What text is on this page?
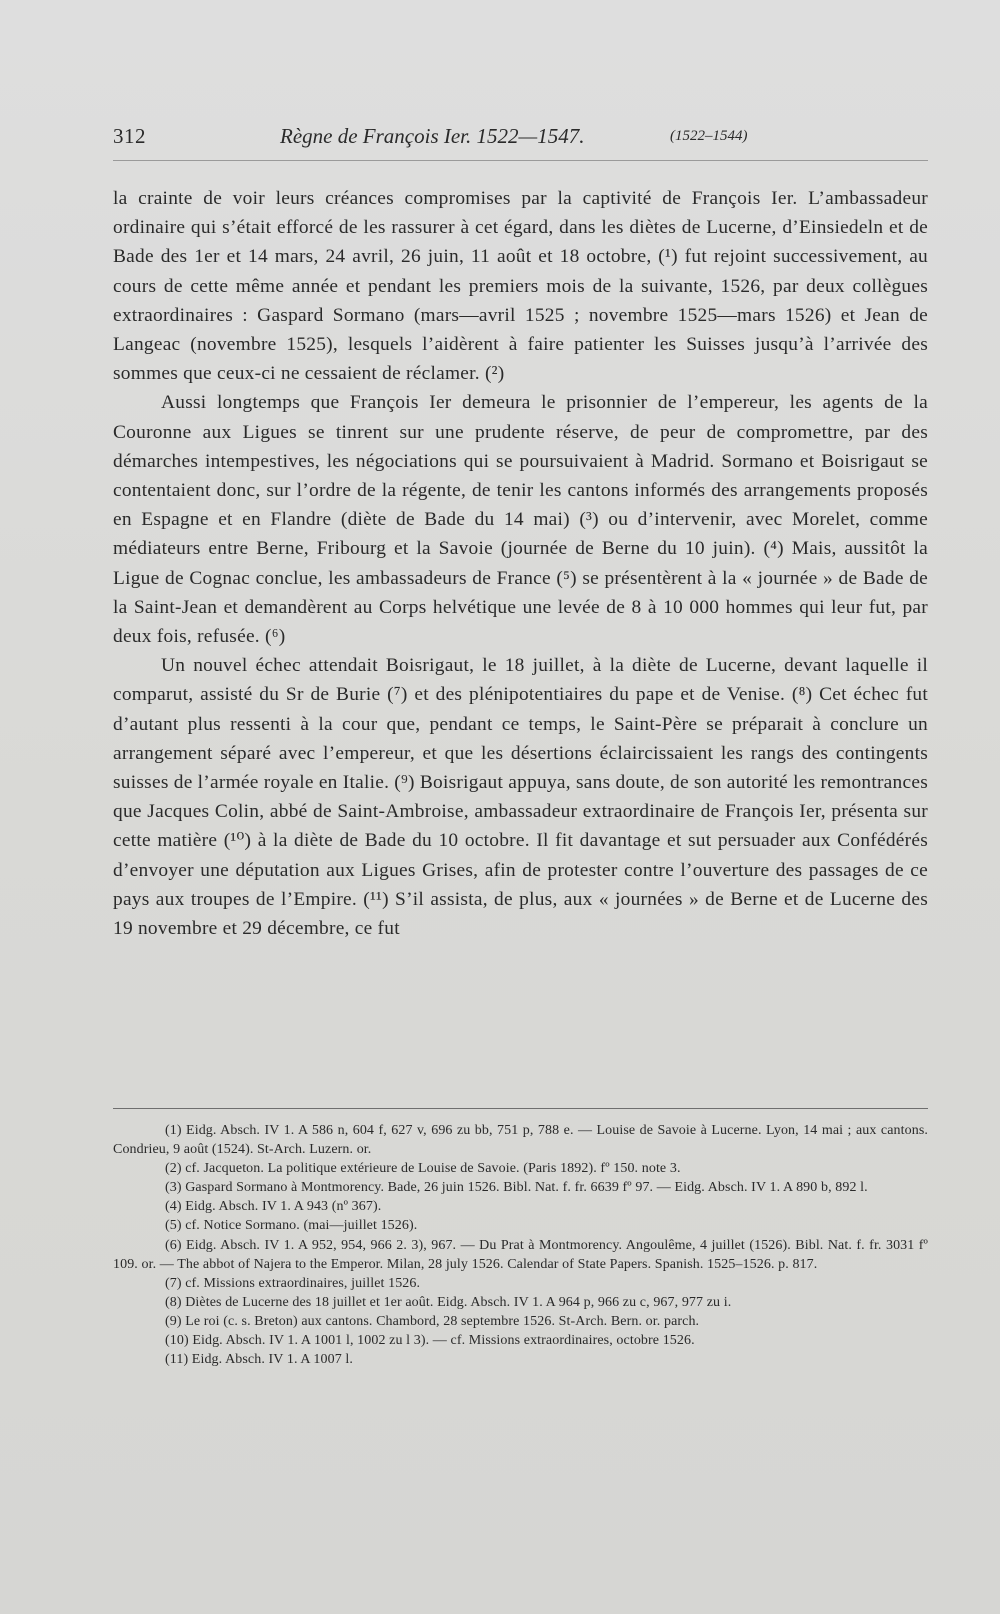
312	Règne de François Ier. 1522—1547.	(1522–1544)

la crainte de voir leurs créances compromises par la captivité de François Ier. L’ambassadeur ordinaire qui s’était efforcé de les rassurer à cet égard, dans les diètes de Lucerne, d’Einsiedeln et de Bade des 1er et 14 mars, 24 avril, 26 juin, 11 août et 18 octobre, (¹) fut rejoint successivement, au cours de cette même année et pendant les premiers mois de la suivante, 1526, par deux collègues extraordinaires : Gaspard Sormano (mars—avril 1525 ; novembre 1525—mars 1526) et Jean de Langeac (novembre 1525), lesquels l’aidèrent à faire patienter les Suisses jusqu’à l’arrivée des sommes que ceux-ci ne cessaient de réclamer. (²)

Aussi longtemps que François Ier demeura le prisonnier de l’empereur, les agents de la Couronne aux Ligues se tinrent sur une prudente réserve, de peur de compromettre, par des démarches intempestives, les négociations qui se poursuivaient à Madrid. Sormano et Boisrigaut se contentaient donc, sur l’ordre de la régente, de tenir les cantons informés des arrangements proposés en Espagne et en Flandre (diète de Bade du 14 mai) (³) ou d’intervenir, avec Morelet, comme médiateurs entre Berne, Fribourg et la Savoie (journée de Berne du 10 juin). (⁴) Mais, aussitôt la Ligue de Cognac conclue, les ambassadeurs de France (⁵) se présentèrent à la « journée » de Bade de la Saint-Jean et demandèrent au Corps helvétique une levée de 8 à 10 000 hommes qui leur fut, par deux fois, refusée. (⁶)

Un nouvel échec attendait Boisrigaut, le 18 juillet, à la diète de Lucerne, devant laquelle il comparut, assisté du Sr de Burie (⁷) et des plénipotentiaires du pape et de Venise. (⁸) Cet échec fut d’autant plus ressenti à la cour que, pendant ce temps, le Saint-Père se préparait à conclure un arrangement séparé avec l’empereur, et que les désertions éclaircissaient les rangs des contingents suisses de l’armée royale en Italie. (⁹) Boisrigaut appuya, sans doute, de son autorité les remontrances que Jacques Colin, abbé de Saint-Ambroise, ambassadeur extraordinaire de François Ier, présenta sur cette matière (¹⁰) à la diète de Bade du 10 octobre. Il fit davantage et sut persuader aux Confédérés d’envoyer une députation aux Ligues Grises, afin de protester contre l’ouverture des passages de ce pays aux troupes de l’Empire. (¹¹) S’il assista, de plus, aux « journées » de Berne et de Lucerne des 19 novembre et 29 décembre, ce fut

(1) Eidg. Absch. IV 1. A 586 n, 604 f, 627 v, 696 zu bb, 751 p, 788 e. — Louise de Savoie à Lucerne. Lyon, 14 mai ; aux cantons. Condrieu, 9 août (1524). St-Arch. Luzern. or.

(2) cf. Jacqueton. La politique extérieure de Louise de Savoie. (Paris 1892). fº 150. note 3.

(3) Gaspard Sormano à Montmorency. Bade, 26 juin 1526. Bibl. Nat. f. fr. 6639 fº 97. — Eidg. Absch. IV 1. A 890 b, 892 l.

(4) Eidg. Absch. IV 1. A 943 (nº 367).

(5) cf. Notice Sormano. (mai—juillet 1526).

(6) Eidg. Absch. IV 1. A 952, 954, 966 2. 3), 967. — Du Prat à Montmorency. Angoulême, 4 juillet (1526). Bibl. Nat. f. fr. 3031 fº 109. or. — The abbot of Najera to the Emperor. Milan, 28 july 1526. Calendar of State Papers. Spanish. 1525–1526. p. 817.

(7) cf. Missions extraordinaires, juillet 1526.

(8) Diètes de Lucerne des 18 juillet et 1er août. Eidg. Absch. IV 1. A 964 p, 966 zu c, 967, 977 zu i.

(9) Le roi (c. s. Breton) aux cantons. Chambord, 28 septembre 1526. St-Arch. Bern. or. parch.

(10) Eidg. Absch. IV 1. A 1001 l, 1002 zu l 3). — cf. Missions extraordinaires, octobre 1526.

(11) Eidg. Absch. IV 1. A 1007 l.
